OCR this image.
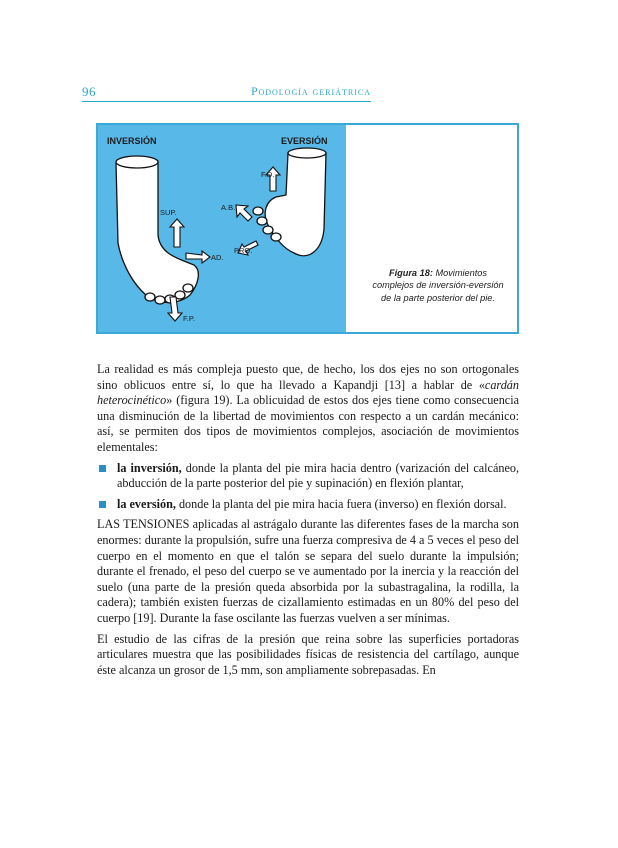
96	Podología geriátrica
INVERSIÓN	EVERSIÓN
SUP.
AD.
F.P.
F.D.
A.B.
PRO.
Figura 18: Movimientos complejos de inversión-eversión de la parte posterior del pie.

La realidad es más compleja puesto que, de hecho, los dos ejes no son ortogonales sino oblicuos entre sí, lo que ha llevado a Kapandji [13] a hablar de «cardán heterocinético» (figura 19). La oblicuidad de estos dos ejes tiene como consecuencia una disminución de la libertad de movimientos con respecto a un cardán mecánico: así, se permiten dos tipos de movimientos complejos, asociación de movimientos elementales:

la inversión, donde la planta del pie mira hacia dentro (varización del calcáneo, abducción de la parte posterior del pie y supinación) en flexión plantar,

la eversión, donde la planta del pie mira hacia fuera (inverso) en flexión dorsal.

LAS TENSIONES aplicadas al astrágalo durante las diferentes fases de la marcha son enormes: durante la propulsión, sufre una fuerza compresiva de 4 a 5 veces el peso del cuerpo en el momento en que el talón se separa del suelo durante la impulsión; durante el frenado, el peso del cuerpo se ve aumentado por la inercia y la reacción del suelo (una parte de la presión queda absorbida por la subastragalina, la rodilla, la cadera); también existen fuerzas de cizallamiento estimadas en un 80% del peso del cuerpo [19]. Durante la fase oscilante las fuerzas vuelven a ser mínimas.

El estudio de las cifras de la presión que reina sobre las superficies portadoras articulares muestra que las posibilidades físicas de resistencia del cartílago, aunque éste alcanza un grosor de 1,5 mm, son ampliamente sobrepasadas. En
